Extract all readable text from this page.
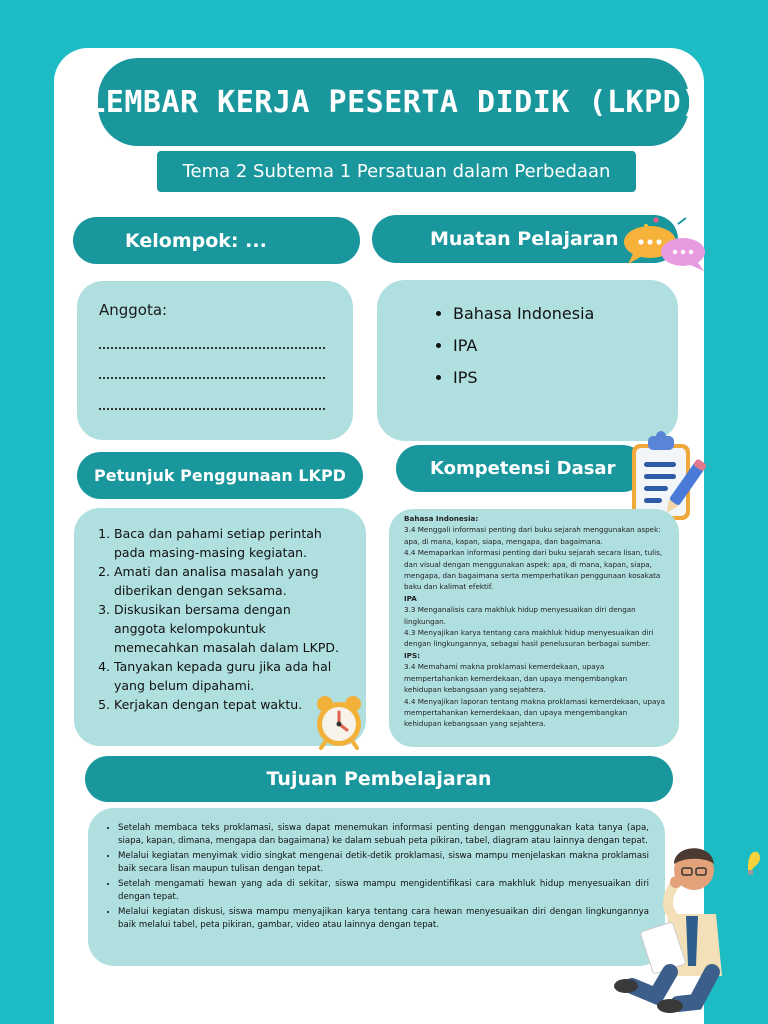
LEMBAR KERJA PESERTA DIDIK (LKPD)
Tema 2 Subtema 1 Persatuan dalam Perbedaan
Kelompok: ...	Muatan Pelajaran
Anggota:
•	Bahasa Indonesia
• IPA
• IPS
Petunjuk Penggunaan LKPD	Kompetensi Dasar
1. Baca dan pahami setiap perintah pada masing-masing kegiatan.
2. Amati dan analisa masalah yang diberikan dengan seksama.
3. Diskusikan bersama dengan anggota kelompokuntuk memecahkan masalah dalam LKPD.
4. Tanyakan kepada guru jika ada hal yang belum dipahami.
5. Kerjakan dengan tepat waktu.
Bahasa Indonesia:
3.4 Menggali informasi penting dari buku sejarah menggunakan aspek: apa, di mana, kapan, siapa, mengapa, dan bagaimana.
4.4 Memaparkan informasi penting dari buku sejarah secara lisan, tulis, dan visual dengan menggunakan aspek: apa, di mana, kapan, siapa, mengapa, dan bagaimana serta memperhatikan penggunaan kosakata baku dan kalimat efektif.
IPA
3.3 Menganalisis cara makhluk hidup menyesuaikan diri dengan lingkungan.
4.3 Menyajikan karya tentang cara makhluk hidup menyesuaikan diri dengan lingkungannya, sebagai hasil penelusuran berbagai sumber.
IPS:
3.4 Memahami makna proklamasi kemerdekaan, upaya mempertahankan kemerdekaan, dan upaya mengembangkan kehidupan kebangsaan yang sejahtera.
4.4 Menyajikan laporan tentang makna proklamasi kemerdekaan, upaya mempertahankan kemerdekaan, dan upaya mengembangkan kehidupan kebangsaan yang sejahtera.
Tujuan Pembelajaran
• Setelah membaca teks proklamasi, siswa dapat menemukan informasi penting dengan menggunakan kata tanya (apa, siapa, kapan, dimana, mengapa dan bagaimana) ke dalam sebuah peta pikiran, tabel, diagram atau lainnya dengan tepat.
• Melalui kegiatan menyimak vidio singkat mengenai detik-detik proklamasi, siswa mampu menjelaskan makna proklamasi baik secara lisan maupun tulisan dengan tepat.
• Setelah mengamati hewan yang ada di sekitar, siswa mampu mengidentifikasi cara makhluk hidup menyesuaikan diri dengan tepat.
• Melalui kegiatan diskusi, siswa mampu menyajikan karya tentang cara hewan menyesuaikan diri dengan lingkungannya baik melalui tabel, peta pikiran, gambar, video atau lainnya dengan tepat.
